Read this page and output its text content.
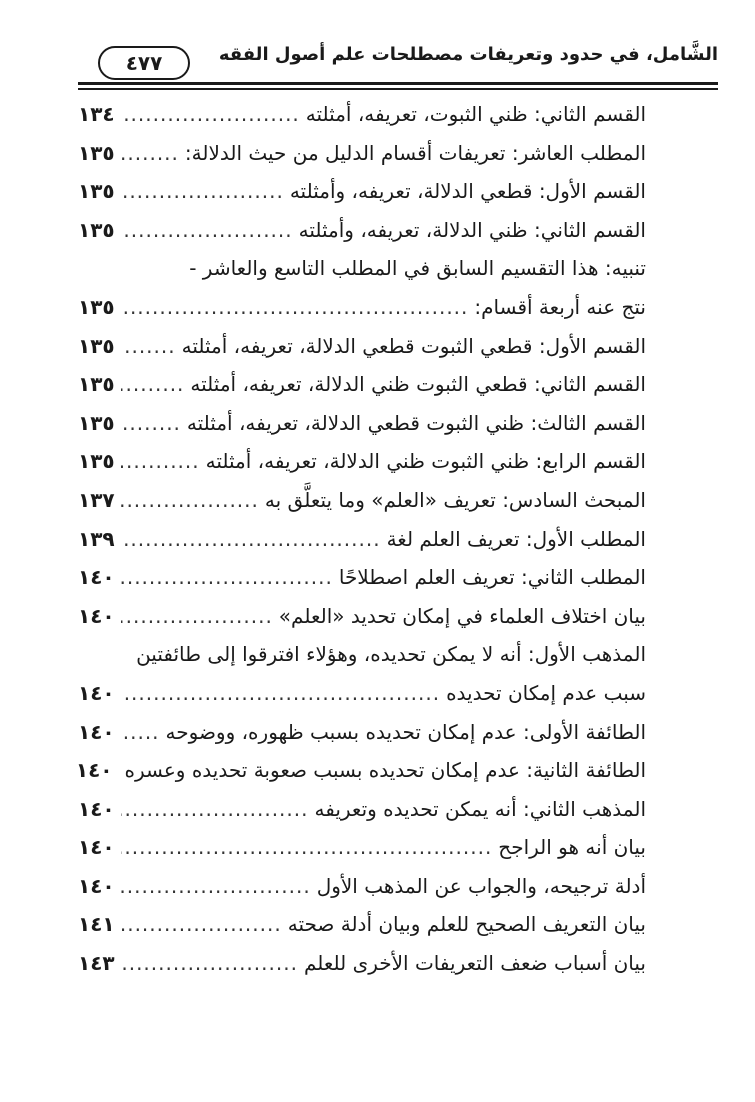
الشَّامل، في حدود وتعريفات مصطلحات علم أصول الفقه
٤٧٧
القسم الثاني: ظني الثبوت، تعريفه، أمثلته
.....
١٣٤
المطلب العاشر: تعريفات أقسام الدليل من حيث الدلالة:
.....
١٣٥
القسم الأول: قطعي الدلالة، تعريفه، وأمثلته
.....
١٣٥
القسم الثاني: ظني الدلالة، تعريفه، وأمثلته
.....
١٣٥
تنبيه: هذا التقسيم السابق في المطلب التاسع والعاشر -
نتج عنه أربعة أقسام:
.....
١٣٥
القسم الأول: قطعي الثبوت قطعي الدلالة، تعريفه، أمثلته
.....
١٣٥
القسم الثاني: قطعي الثبوت ظني الدلالة، تعريفه، أمثلته
.....
١٣٥
القسم الثالث: ظني الثبوت قطعي الدلالة، تعريفه، أمثلته
.....
١٣٥
القسم الرابع: ظني الثبوت ظني الدلالة، تعريفه، أمثلته
.....
١٣٥
المبحث السادس: تعريف «العلم» وما يتعلَّق به
.....
١٣٧
المطلب الأول: تعريف العلم لغة
.....
١٣٩
المطلب الثاني: تعريف العلم اصطلاحًا
.....
١٤٠
بيان اختلاف العلماء في إمكان تحديد «العلم»
.....
١٤٠
المذهب الأول: أنه لا يمكن تحديده، وهؤلاء افترقوا إلى طائفتين
سبب عدم إمكان تحديده
.....
١٤٠
الطائفة الأولى: عدم إمكان تحديده بسبب ظهوره، ووضوحه
.....
١٤٠
الطائفة الثانية: عدم إمكان تحديده بسبب صعوبة تحديده وعسره
١٤٠
المذهب الثاني: أنه يمكن تحديده وتعريفه
.....
١٤٠
بيان أنه هو الراجح
.....
١٤٠
أدلة ترجيحه، والجواب عن المذهب الأول
.....
١٤٠
بيان التعريف الصحيح للعلم وبيان أدلة صحته
.....
١٤١
بيان أسباب ضعف التعريفات الأخرى للعلم
.....
١٤٣
